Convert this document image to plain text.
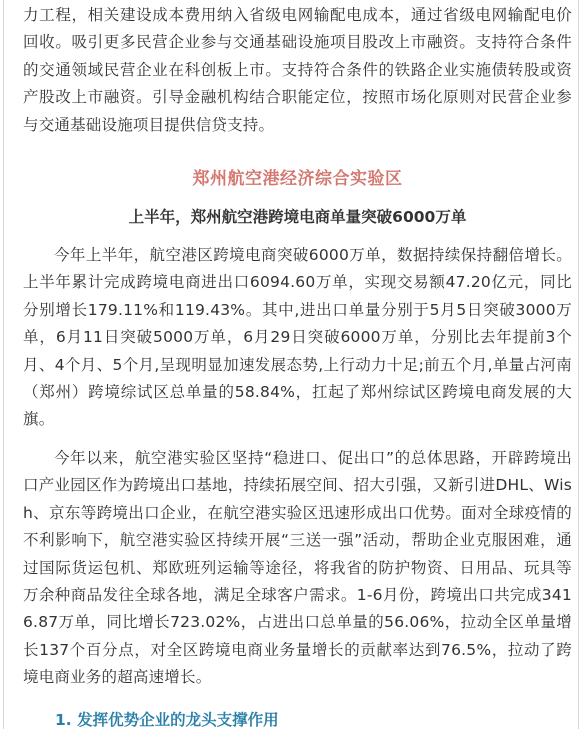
力工程，相关建设成本费用纳入省级电网输配电成本，通过省级电网输配电价回收。吸引更多民营企业参与交通基础设施项目股改上市融资。支持符合条件的交通领域民营企业在科创板上市。支持符合条件的铁路企业实施债转股或资产股改上市融资。引导金融机构结合职能定位，按照市场化原则对民营企业参与交通基础设施项目提供信贷支持。

郑州航空港经济综合实验区
上半年，郑州航空港跨境电商单量突破6000万单

今年上半年，航空港区跨境电商突破6000万单，数据持续保持翻倍增长。上半年累计完成跨境电商进出口6094.60万单，实现交易额47.20亿元，同比分别增长179.11%和119.43%。其中,进出口单量分别于5月5日突破3000万单，6月11日突破5000万单，6月29日突破6000万单，分别比去年提前3个月、4个月、5个月,呈现明显加速发展态势,上行动力十足;前五个月,单量占河南（郑州）跨境综试区总单量的58.84%，扛起了郑州综试区跨境电商发展的大旗。

今年以来，航空港实验区坚持“稳进口、促出口”的总体思路，开辟跨境出口产业园区作为跨境出口基地，持续拓展空间、招大引强，又新引进DHL、Wish、京东等跨境出口企业，在航空港实验区迅速形成出口优势。面对全球疫情的不利影响下，航空港实验区持续开展“三送一强”活动，帮助企业克服困难，通过国际货运包机、郑欧班列运输等途径，将我省的防护物资、日用品、玩具等万余种商品发往全球各地，满足全球客户需求。1-6月份，跨境出口共完成3416.87万单，同比增长723.02%，占进出口总单量的56.06%，拉动全区单量增长137个百分点，对全区跨境电商业务量增长的贡献率达到76.5%，拉动了跨境电商业务的超高速增长。

1. 发挥优势企业的龙头支撑作用
